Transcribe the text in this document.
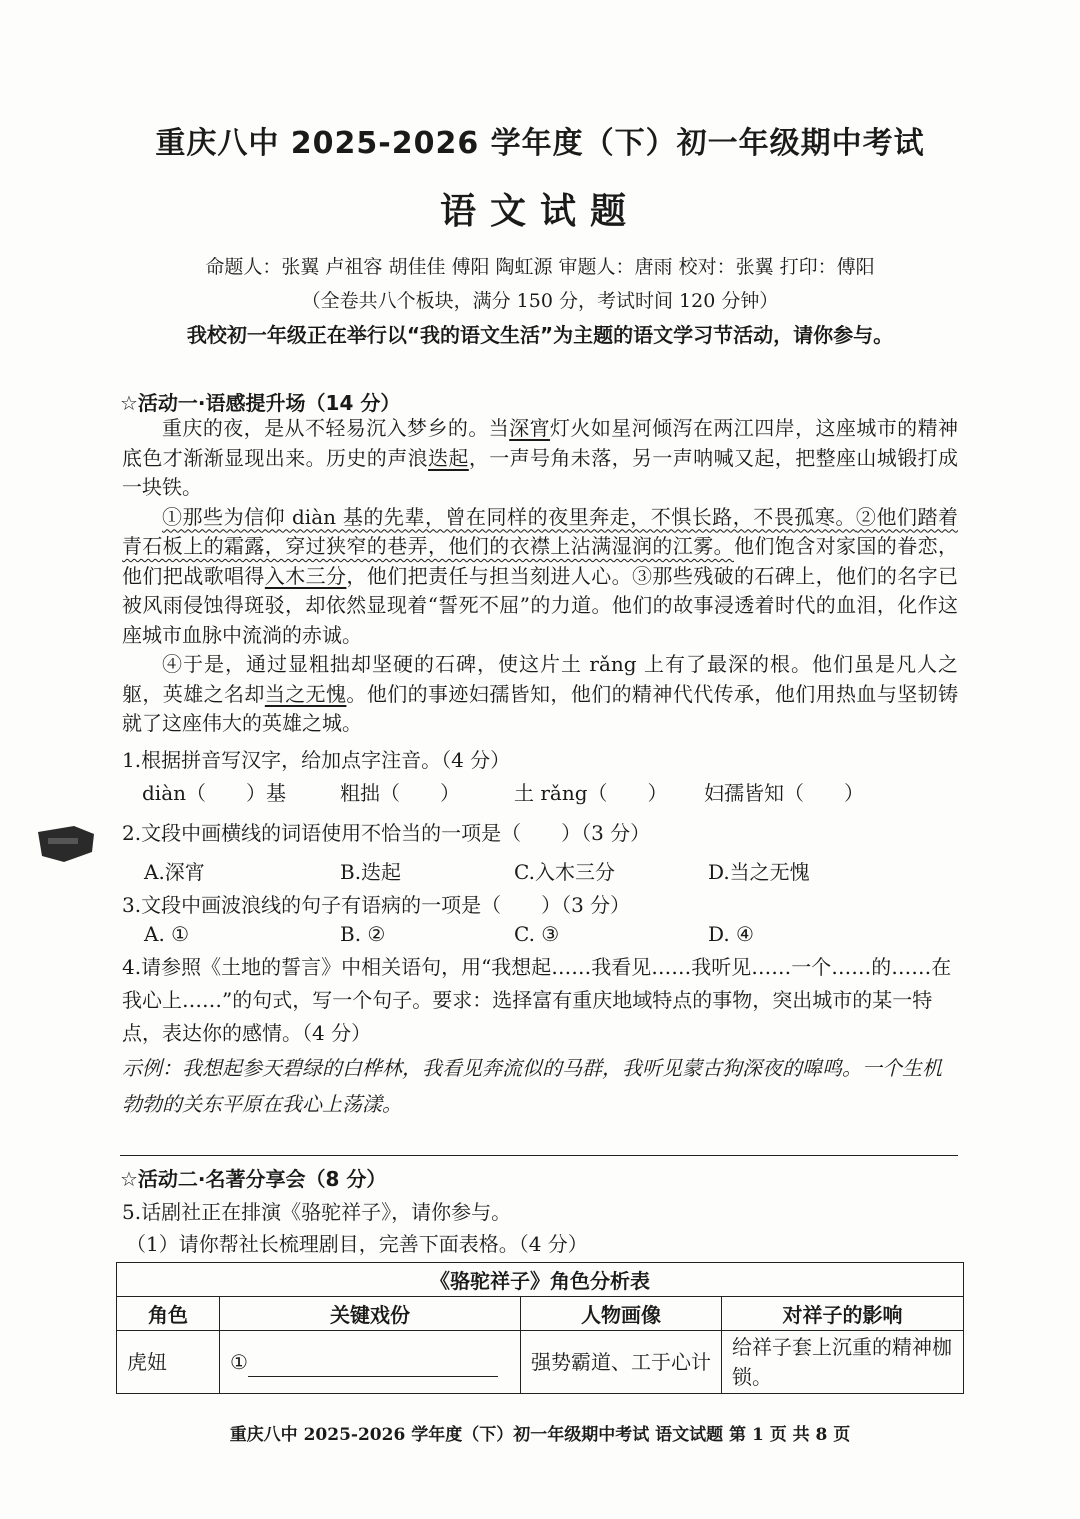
重庆八中 2025-2026 学年度（下）初一年级期中考试
语文试题
命题人：张翼 卢祖容 胡佳佳 傅阳 陶虹源 审题人：唐雨 校对：张翼 打印：傅阳
（全卷共八个板块，满分 150 分，考试时间 120 分钟）
我校初一年级正在举行以“我的语文生活”为主题的语文学习节活动，请你参与。
☆活动一·语感提升场（14 分）

重庆的夜，是从不轻易沉入梦乡的。当深宵灯火如星河倾泻在两江四岸，这座城市的精神底色才渐渐显现出来。历史的声浪迭起，一声号角未落，另一声呐喊又起，把整座山城锻打成一块铁。

①那些为信仰 diàn 基的先辈，曾在同样的夜里奔走，不惧长路，不畏孤寒。②他们踏着青石板上的霜露，穿过狭窄的巷弄，他们的衣襟上沾满湿润的江雾。他们饱含对家国的眷恋，他们把战歌唱得入木三分，他们把责任与担当刻进人心。③那些残破的石碑上，他们的名字已被风雨侵蚀得斑驳，却依然显现着“誓死不屈”的力道。他们的故事浸透着时代的血泪，化作这座城市血脉中流淌的赤诚。

④于是，通过显粗拙却坚硬的石碑，使这片土 rǎng 上有了最深的根。他们虽是凡人之躯，英雄之名却当之无愧。他们的事迹妇孺皆知，他们的精神代代传承，他们用热血与坚韧铸就了这座伟大的英雄之城。

1.根据拼音写汉字，给加点字注音。（4 分）
diàn（　　）基	粗拙（　　）	土 rǎng（　　） 妇孺皆知（　　）
2.文段中画横线的词语使用不恰当的一项是（　　）（3 分）
A.深宵	B.迭起	C.入木三分	D.当之无愧
3.文段中画波浪线的句子有语病的一项是（　　）（3 分）
A. ①	B. ②	C. ③	D. ④
4.请参照《土地的誓言》中相关语句，用“我想起……我看见……我听见……一个……的……在我心上……”的句式，写一个句子。要求：选择富有重庆地域特点的事物，突出城市的某一特点，表达你的感情。（4 分）
示例：我想起参天碧绿的白桦林，我看见奔流似的马群，我听见蒙古狗深夜的嗥鸣。一个生机勃勃的关东平原在我心上荡漾。
☆活动二·名著分享会（8 分）
5.话剧社正在排演《骆驼祥子》，请你参与。
（1）请你帮社长梳理剧目，完善下面表格。（4 分）
《骆驼祥子》角色分析表			
角色	关键戏份	人物画像	对祥子的影响
虎妞	①	强势霸道、工于心计	给祥子套上沉重的精神枷锁。
重庆八中 2025-2026 学年度（下）初一年级期中考试 语文试题 第 1 页 共 8 页
